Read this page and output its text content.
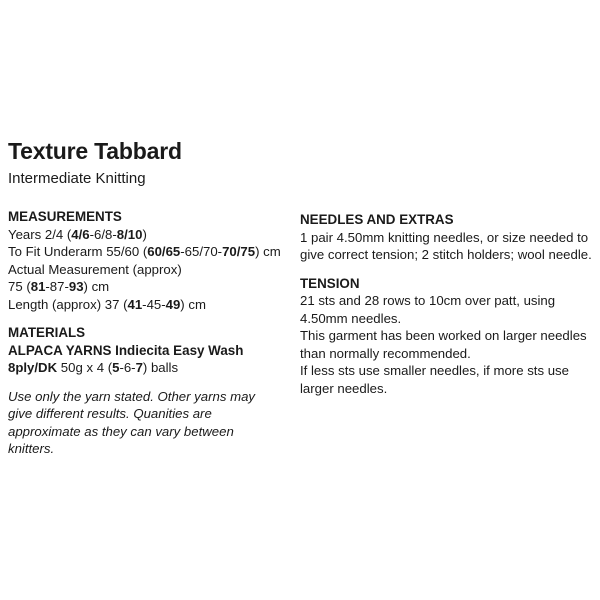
Texture Tabbard

Intermediate Knitting

MEASUREMENTS

Years 2/4 (4/6-6/8-8/10)

To Fit Underarm 55/60 (60/65-65/70-70/75) cm

Actual Measurement (approx)

75 (81-87-93) cm

Length (approx) 37 (41-45-49) cm

MATERIALS

ALPACA YARNS Indiecita Easy Wash

8ply/DK 50g x 4 (5-6-7) balls

Use only the yarn stated. Other yarns may give different results. Quanities are approximate as they can vary between knitters.

NEEDLES AND EXTRAS

1 pair 4.50mm knitting needles, or size needed to give correct tension; 2 stitch holders; wool needle.

TENSION

21 sts and 28 rows to 10cm over patt, using 4.50mm needles.

This garment has been worked on larger needles than normally recommended.

If less sts use smaller needles, if more sts use larger needles.
